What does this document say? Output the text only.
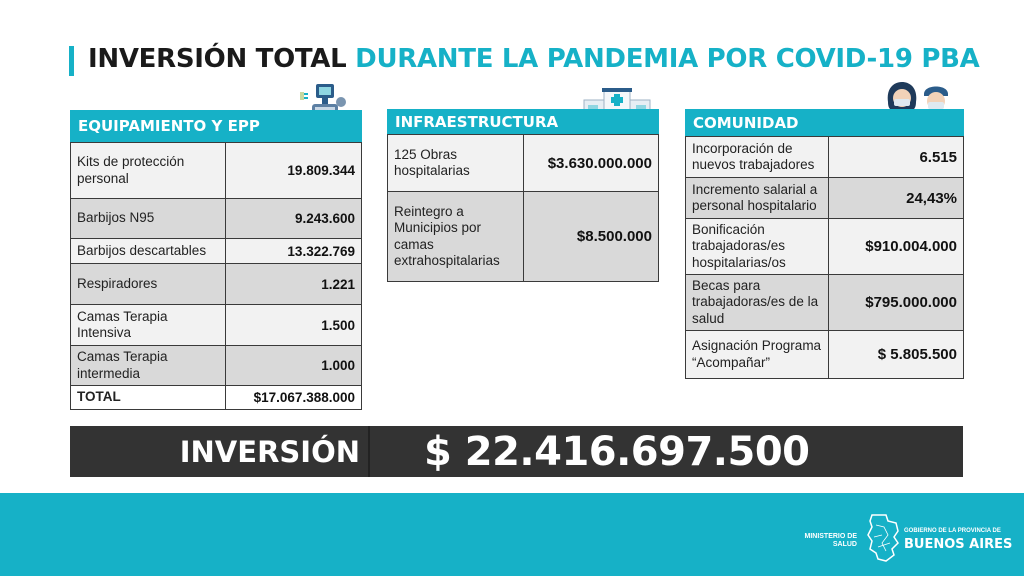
INVERSIÓN TOTAL DURANTE LA PANDEMIA POR COVID-19 PBA
EQUIPAMIENTO Y EPP
Kits de protección personal	19.809.344
Barbijos N95	9.243.600
Barbijos descartables	13.322.769
Respiradores	1.221
Camas Terapia Intensiva	1.500
Camas Terapia intermedia	1.000
TOTAL	$17.067.388.000
INFRAESTRUCTURA
125 Obras hospitalarias	$3.630.000.000
Reintegro a Municipios por camas extrahospitalarias	$8.500.000
COMUNIDAD
Incorporación de nuevos trabajadores	6.515
Incremento salarial a personal hospitalario	24,43%
Bonificación trabajadoras/es hospitalarias/os	$910.004.000
Becas para trabajadoras/es de la salud	$795.000.000
Asignación Programa “Acompañar”	$ 5.805.500
INVERSIÓN	$ 22.416.697.500
MINISTERIO DE
SALUD
GOBIERNO DE LA PROVINCIA DE
BUENOS AIRES
